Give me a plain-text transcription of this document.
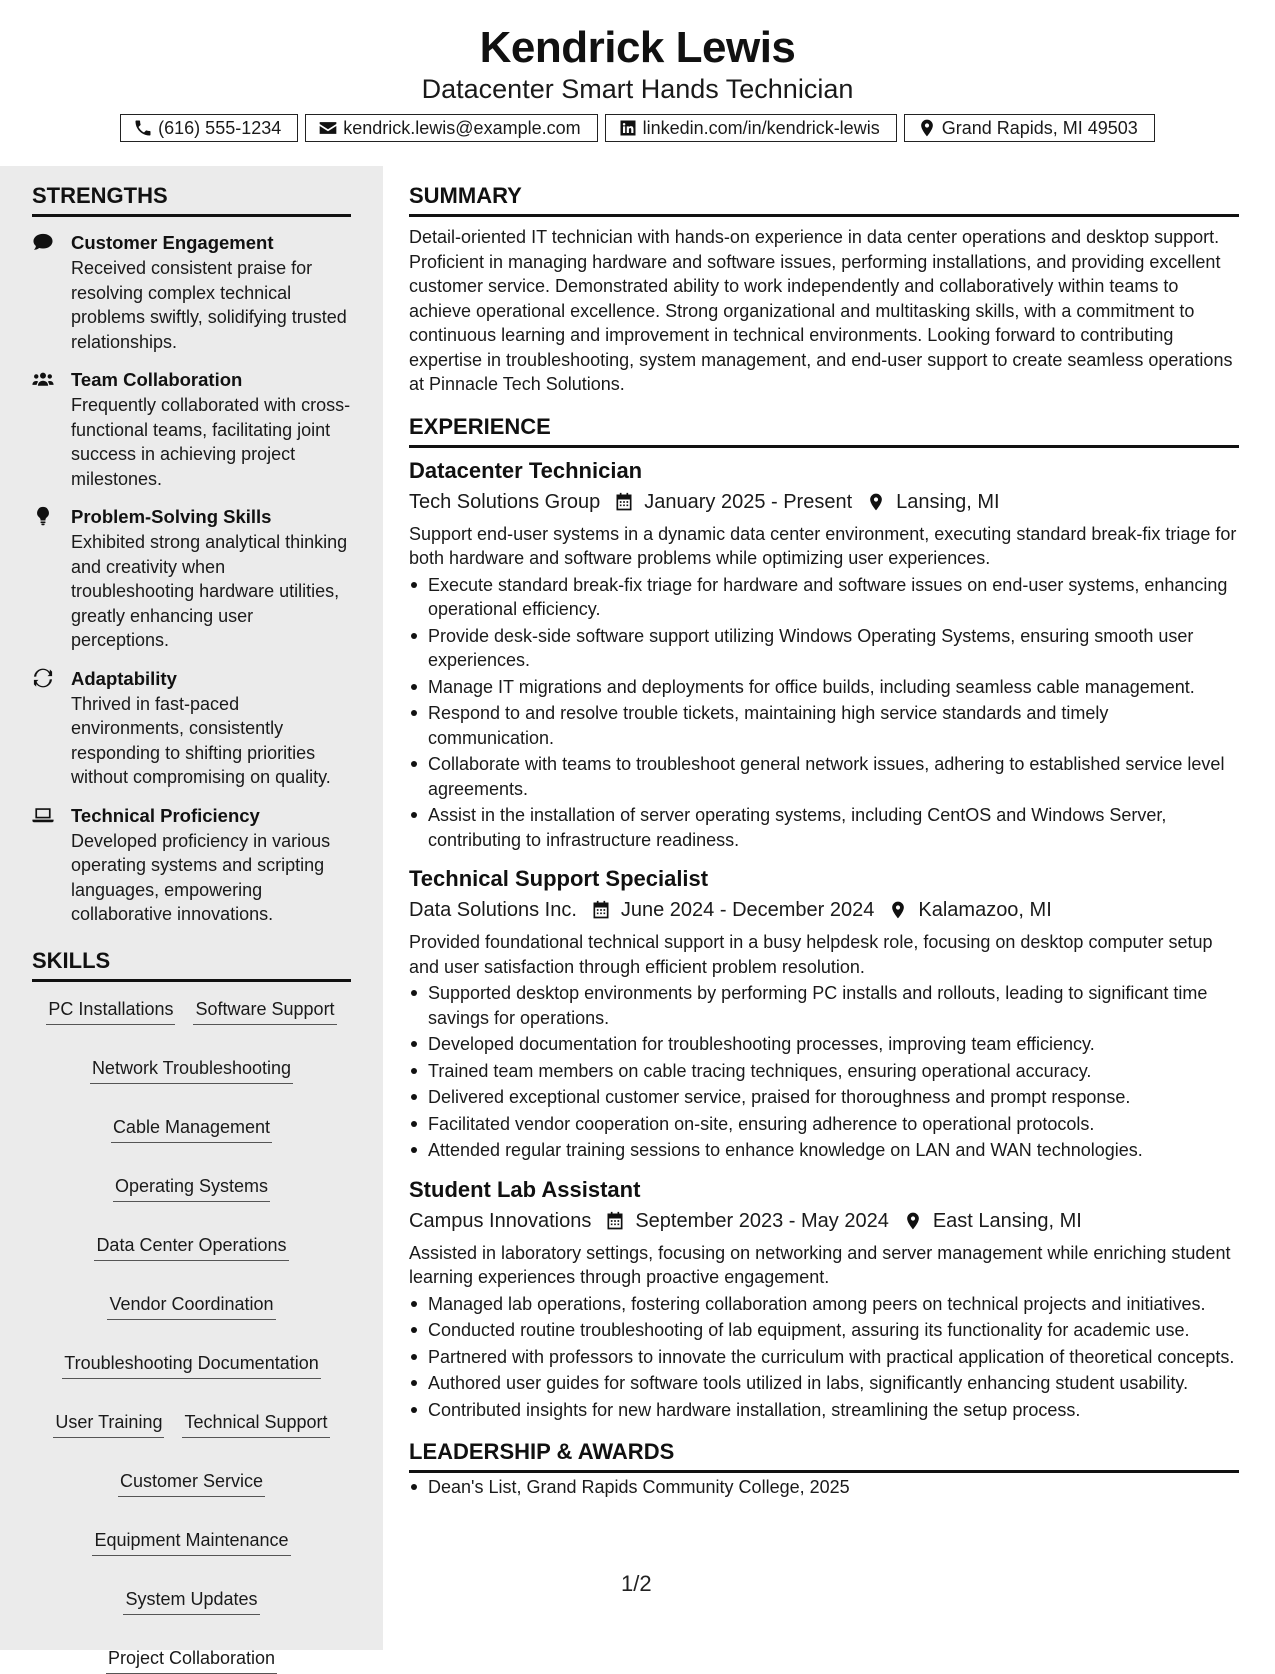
Kendrick Lewis
Datacenter Smart Hands Technician
(616) 555-1234	kendrick.lewis@example.com	linkedin.com/in/kendrick-lewis	Grand Rapids, MI 49503
STRENGTHS
Customer Engagement
Received consistent praise for resolving complex technical problems swiftly, solidifying trusted relationships.
Team Collaboration
Frequently collaborated with cross-functional teams, facilitating joint success in achieving project milestones.
Problem-Solving Skills
Exhibited strong analytical thinking and creativity when troubleshooting hardware utilities, greatly enhancing user perceptions.
Adaptability
Thrived in fast-paced environments, consistently responding to shifting priorities without compromising on quality.
Technical Proficiency
Developed proficiency in various operating systems and scripting languages, empowering collaborative innovations.
SKILLS
PC Installations Software Support
Network Troubleshooting
Cable Management
Operating Systems
Data Center Operations
Vendor Coordination
Troubleshooting Documentation
User Training Technical Support
Customer Service
Equipment Maintenance
System Updates
Project Collaboration
SUMMARY
Detail-oriented IT technician with hands-on experience in data center operations and desktop support. Proficient in managing hardware and software issues, performing installations, and providing excellent customer service. Demonstrated ability to work independently and collaboratively within teams to achieve operational excellence. Strong organizational and multitasking skills, with a commitment to continuous learning and improvement in technical environments. Looking forward to contributing expertise in troubleshooting, system management, and end-user support to create seamless operations at Pinnacle Tech Solutions.
EXPERIENCE
Datacenter Technician
Tech Solutions Group January 2025 - Present Lansing, MI
Support end-user systems in a dynamic data center environment, executing standard break-fix triage for both hardware and software problems while optimizing user experiences.
Execute standard break-fix triage for hardware and software issues on end-user systems, enhancing operational efficiency.
Provide desk-side software support utilizing Windows Operating Systems, ensuring smooth user experiences.
Manage IT migrations and deployments for office builds, including seamless cable management.
Respond to and resolve trouble tickets, maintaining high service standards and timely communication.
Collaborate with teams to troubleshoot general network issues, adhering to established service level agreements.
Assist in the installation of server operating systems, including CentOS and Windows Server, contributing to infrastructure readiness.
Technical Support Specialist
Data Solutions Inc. June 2024 - December 2024 Kalamazoo, MI
Provided foundational technical support in a busy helpdesk role, focusing on desktop computer setup and user satisfaction through efficient problem resolution.
Supported desktop environments by performing PC installs and rollouts, leading to significant time savings for operations.
Developed documentation for troubleshooting processes, improving team efficiency.
Trained team members on cable tracing techniques, ensuring operational accuracy.
Delivered exceptional customer service, praised for thoroughness and prompt response.
Facilitated vendor cooperation on-site, ensuring adherence to operational protocols.
Attended regular training sessions to enhance knowledge on LAN and WAN technologies.
Student Lab Assistant
Campus Innovations September 2023 - May 2024 East Lansing, MI
Assisted in laboratory settings, focusing on networking and server management while enriching student learning experiences through proactive engagement.
Managed lab operations, fostering collaboration among peers on technical projects and initiatives.
Conducted routine troubleshooting of lab equipment, assuring its functionality for academic use.
Partnered with professors to innovate the curriculum with practical application of theoretical concepts.
Authored user guides for software tools utilized in labs, significantly enhancing student usability.
Contributed insights for new hardware installation, streamlining the setup process.
LEADERSHIP & AWARDS
Dean's List, Grand Rapids Community College, 2025
1/2
